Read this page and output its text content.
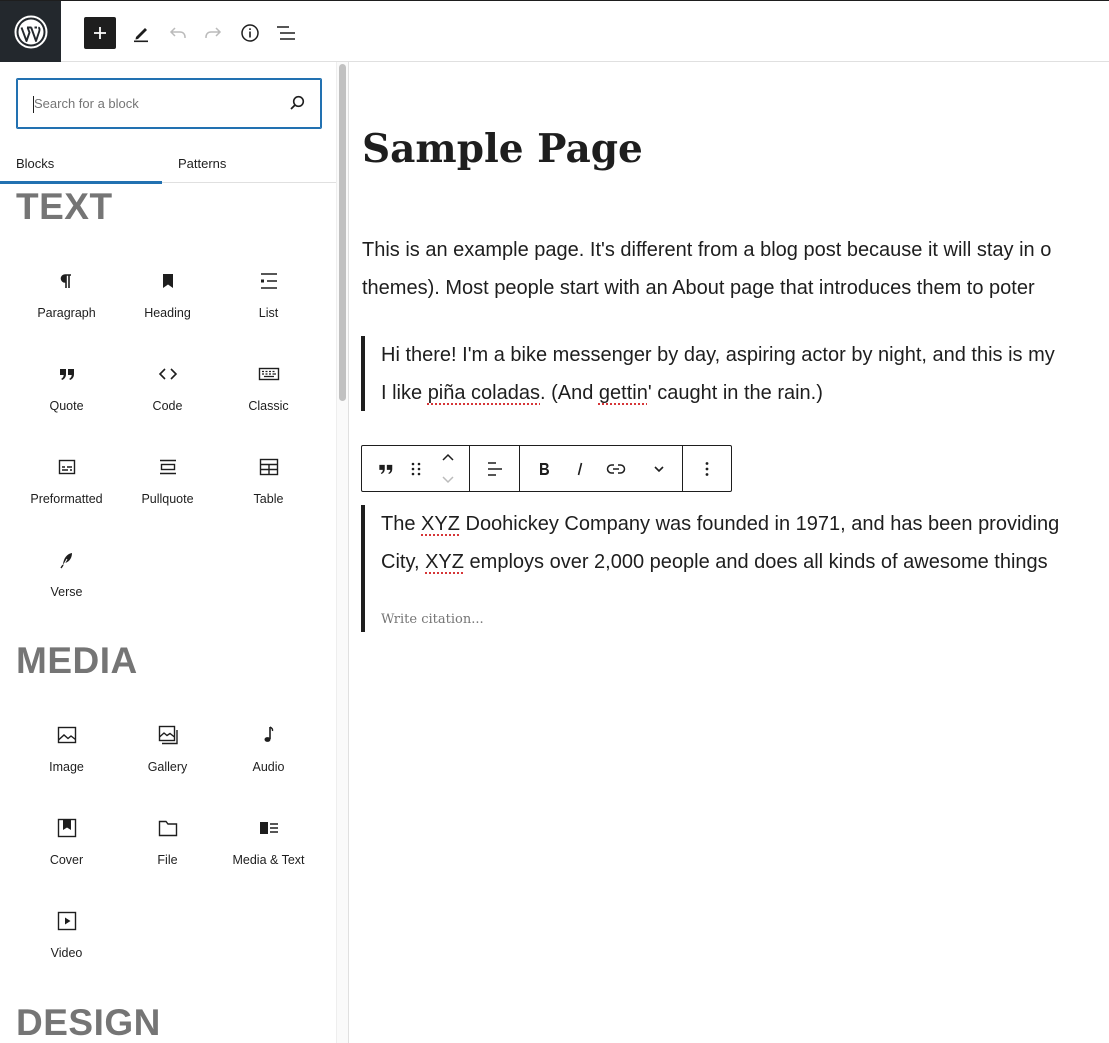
Search for a block
Blocks	Patterns
TEXT
Paragraph	Heading	List
Quote	Code	Classic
Preformatted	Pullquote	Table
Verse
MEDIA
Image	Gallery	Audio
Cover	File	Media & Text
Video
DESIGN
Sample Page
This is an example page. It's different from a blog post because it will stay in o
themes). Most people start with an About page that introduces them to poter
Hi there! I'm a bike messenger by day, aspiring actor by night, and this is my
I like piña coladas. (And gettin' caught in the rain.)
The XYZ Doohickey Company was founded in 1971, and has been providing
City, XYZ employs over 2,000 people and does all kinds of awesome things
Write citation...
